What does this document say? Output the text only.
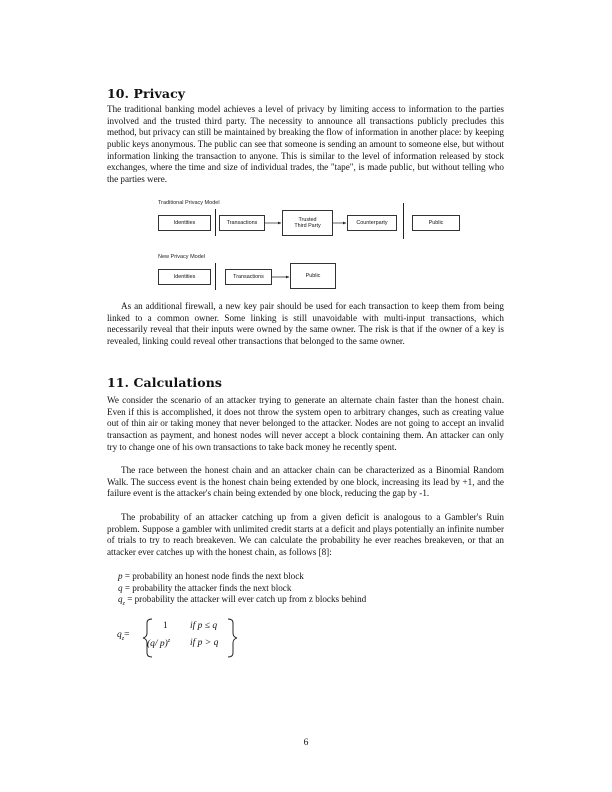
10. Privacy

The traditional banking model achieves a level of privacy by limiting access to information to the parties involved and the trusted third party. The necessity to announce all transactions publicly precludes this method, but privacy can still be maintained by breaking the flow of information in another place: by keeping public keys anonymous. The public can see that someone is sending an amount to someone else, but without information linking the transaction to anyone. This is similar to the level of information released by stock exchanges, where the time and size of individual trades, the "tape", is made public, but without telling who the parties were.

Traditional Privacy Model
Identities	Transactions
Trusted
Third Party
Counterparty	Public
New Privacy Model
Identities	Transactions	Public

As an additional firewall, a new key pair should be used for each transaction to keep them from being linked to a common owner. Some linking is still unavoidable with multi-input transactions, which necessarily reveal that their inputs were owned by the same owner. The risk is that if the owner of a key is revealed, linking could reveal other transactions that belonged to the same owner.

11. Calculations

We consider the scenario of an attacker trying to generate an alternate chain faster than the honest chain. Even if this is accomplished, it does not throw the system open to arbitrary changes, such as creating value out of thin air or taking money that never belonged to the attacker. Nodes are not going to accept an invalid transaction as payment, and honest nodes will never accept a block containing them. An attacker can only try to change one of his own transactions to take back money he recently spent.

The race between the honest chain and an attacker chain can be characterized as a Binomial Random Walk. The success event is the honest chain being extended by one block, increasing its lead by +1, and the failure event is the attacker's chain being extended by one block, reducing the gap by -1.

The probability of an attacker catching up from a given deficit is analogous to a Gambler's Ruin problem. Suppose a gambler with unlimited credit starts at a deficit and plays potentially an infinite number of trials to try to reach breakeven. We can calculate the probability he ever reaches breakeven, or that an attacker ever catches up with the honest chain, as follows [8]:

p = probability an honest node finds the next block
q = probability the attacker finds the next block
$q_z$ = probability the attacker will ever catch up from z blocks behind
$q_z=$
1 if p ≤ q
(q/ p)$^z$ if p > q
6
